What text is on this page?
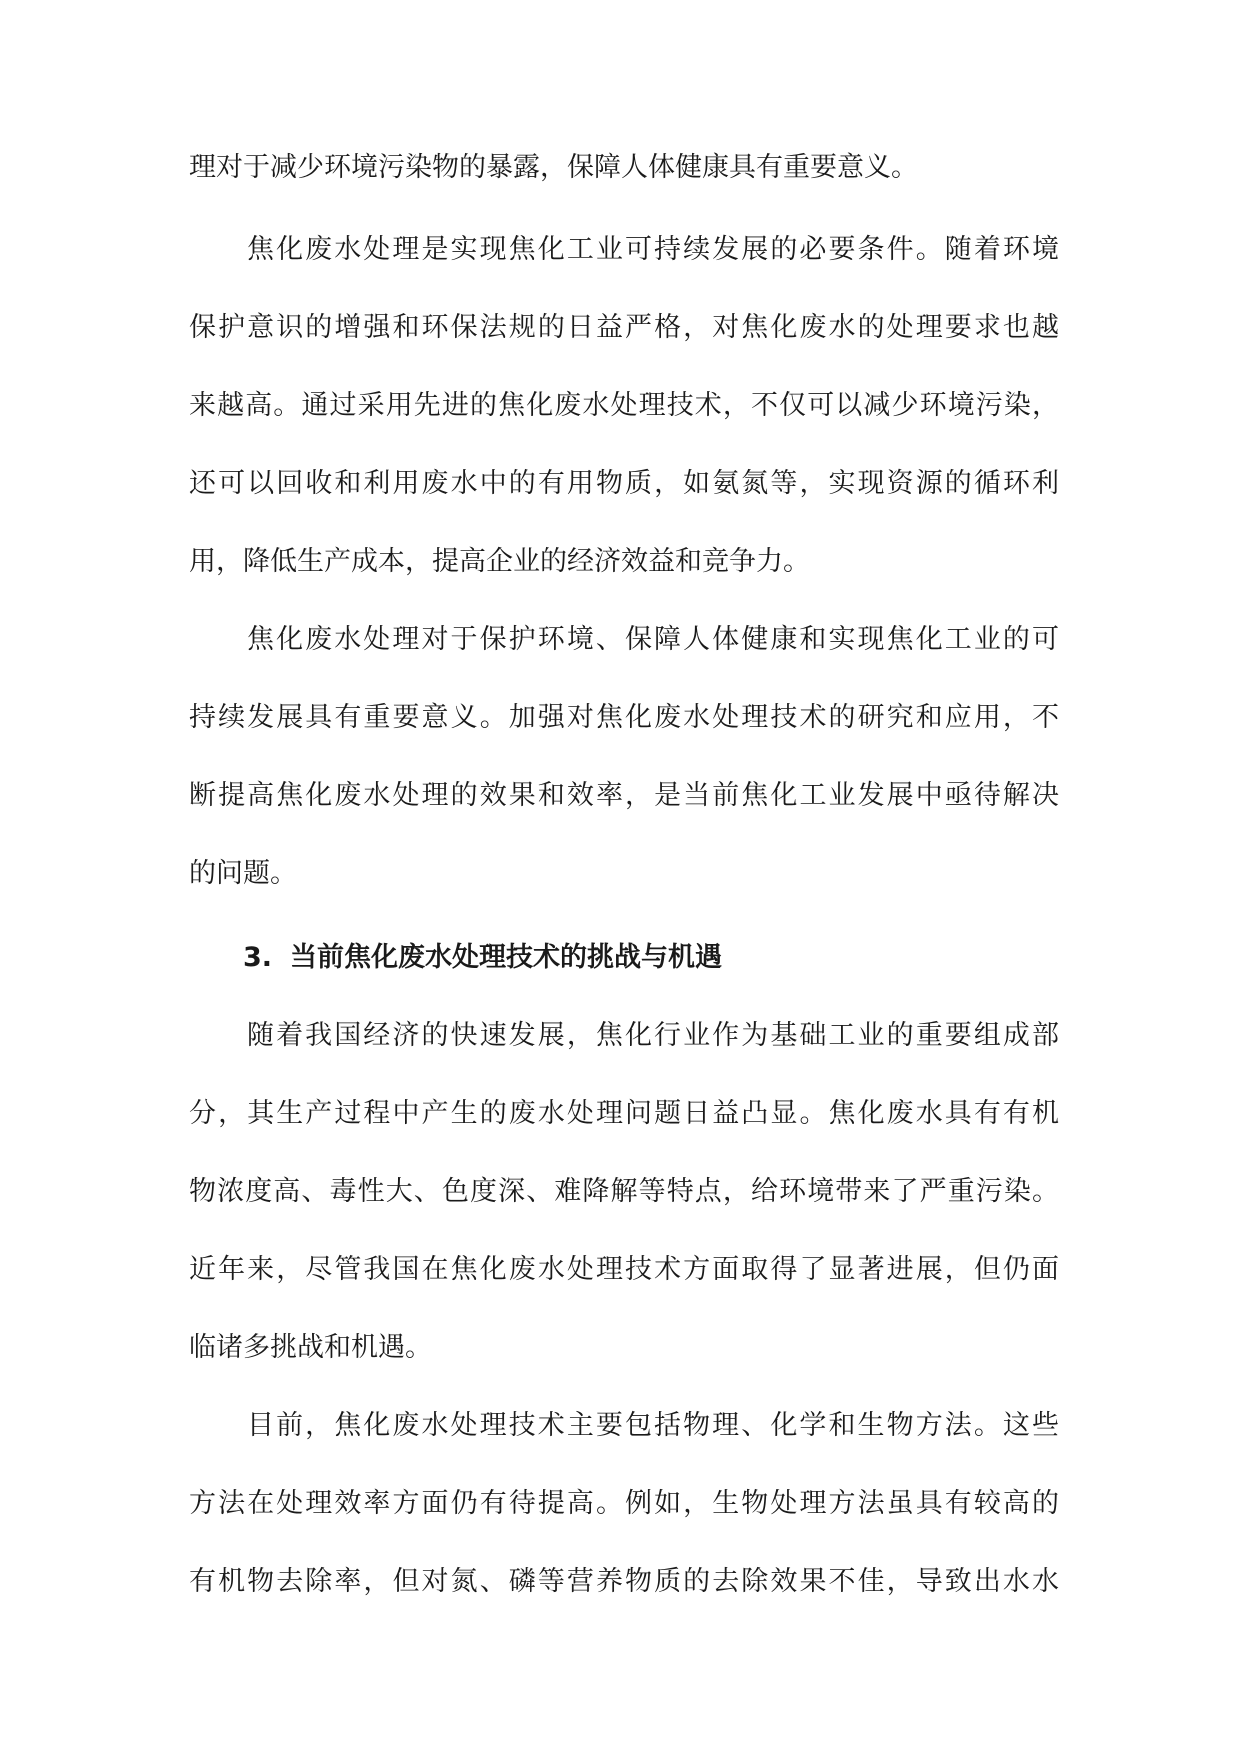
理对于减少环境污染物的暴露，保障人体健康具有重要意义。
焦化废水处理是实现焦化工业可持续发展的必要条件。随着环境
保护意识的增强和环保法规的日益严格，对焦化废水的处理要求也越
来越高。通过采用先进的焦化废水处理技术，不仅可以减少环境污染，
还可以回收和利用废水中的有用物质，如氨氮等，实现资源的循环利
用，降低生产成本，提高企业的经济效益和竞争力。
焦化废水处理对于保护环境、保障人体健康和实现焦化工业的可
持续发展具有重要意义。加强对焦化废水处理技术的研究和应用，不
断提高焦化废水处理的效果和效率，是当前焦化工业发展中亟待解决
的问题。
3. 当前焦化废水处理技术的挑战与机遇
随着我国经济的快速发展，焦化行业作为基础工业的重要组成部
分，其生产过程中产生的废水处理问题日益凸显。焦化废水具有有机
物浓度高、毒性大、色度深、难降解等特点，给环境带来了严重污染。
近年来，尽管我国在焦化废水处理技术方面取得了显著进展，但仍面
临诸多挑战和机遇。
目前，焦化废水处理技术主要包括物理、化学和生物方法。这些
方法在处理效率方面仍有待提高。例如，生物处理方法虽具有较高的
有机物去除率，但对氮、磷等营养物质的去除效果不佳，导致出水水
